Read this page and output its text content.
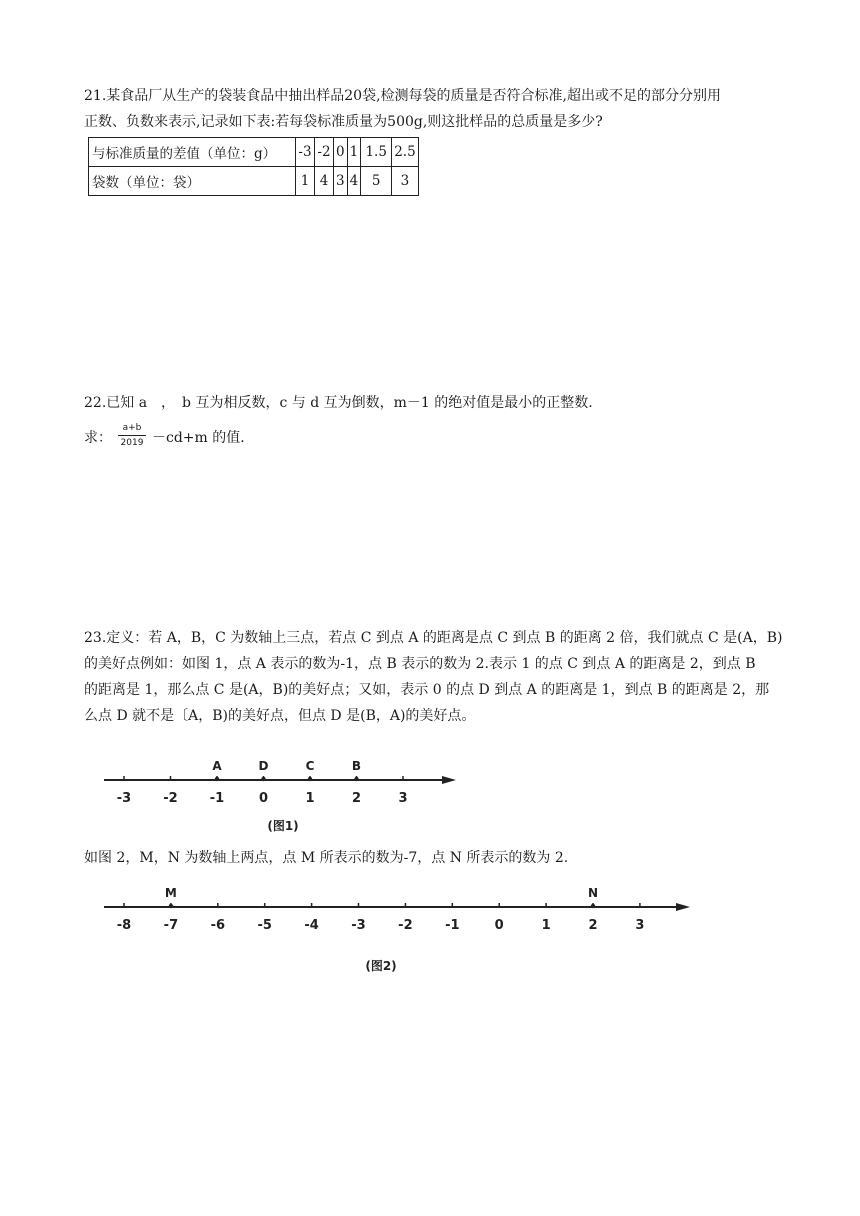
21.某食品厂从生产的袋装食品中抽出样品20袋,检测每袋的质量是否符合标准,超出或不足的部分分别用
正数、负数来表示,记录如下表:若每袋标准质量为500g,则这批样品的总质量是多少?
与标准质量的差值（单位：g）	-3	-2	0	1	1.5	2.5
袋数（单位：袋）	1	4	3	4	5	3
22.已知 a　，　b 互为相反数，c 与 d 互为倒数，m－1 的绝对值是最小的正整数.
求： $\frac{a+b}{2019} -cd+m$ 的值.
23.定义：若 A，B，C 为数轴上三点，若点 C 到点 A 的距离是点 C 到点 B 的距离 2 倍，我们就点 C 是(A，B)
的美好点例如：如图 1，点 A 表示的数为-1，点 B 表示的数为 2.表示 1 的点 C 到点 A 的距离是 2，到点 B
的距离是 1，那么点 C 是(A，B)的美好点；又如，表示 0 的点 D 到点 A 的距离是 1，到点 B 的距离是 2，那
么点 D 就不是〔A，B)的美好点，但点 D 是(B，A)的美好点。
-3 -2 -1	0	1	2	3
A	D	C	B
(图1)
如图 2，M，N 为数轴上两点，点 M 所表示的数为-7，点 N 所表示的数为 2.
-8 -7 -6 -5 -4 -3 -2 -1	0	1	2	3
M	N
(图2)
